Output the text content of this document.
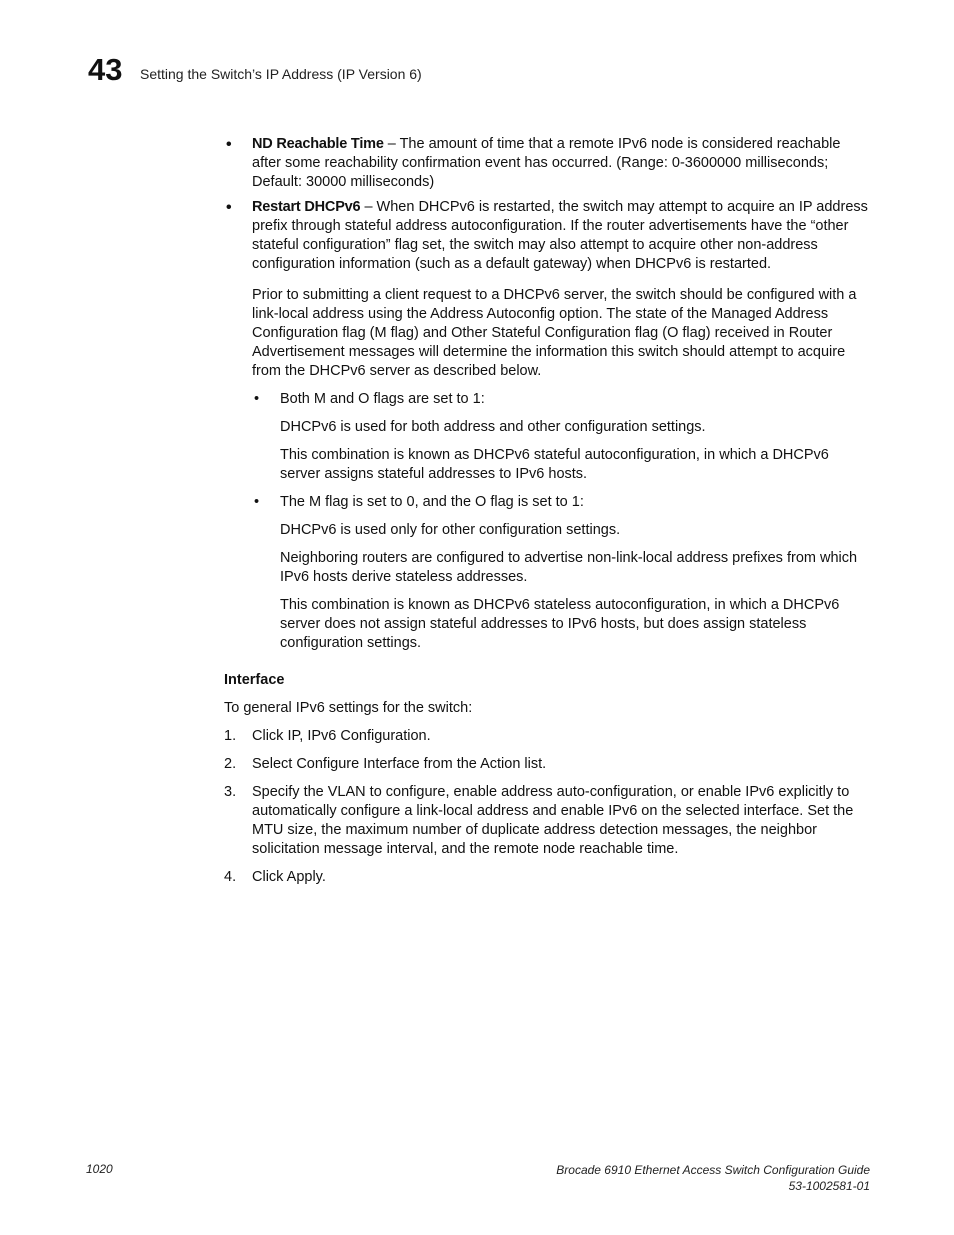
43 Setting the Switch’s IP Address (IP Version 6)
• ND Reachable Time – The amount of time that a remote IPv6 node is considered reachable after some reachability confirmation event has occurred. (Range: 0-3600000 milliseconds; Default: 30000 milliseconds)
• Restart DHCPv6 – When DHCPv6 is restarted, the switch may attempt to acquire an IP address prefix through stateful address autoconfiguration. If the router advertisements have the “other stateful configuration” flag set, the switch may also attempt to acquire other non-address configuration information (such as a default gateway) when DHCPv6 is restarted.

Prior to submitting a client request to a DHCPv6 server, the switch should be configured with a link-local address using the Address Autoconfig option. The state of the Managed Address Configuration flag (M flag) and Other Stateful Configuration flag (O flag) received in Router Advertisement messages will determine the information this switch should attempt to acquire from the DHCPv6 server as described below.

• Both M and O flags are set to 1:

DHCPv6 is used for both address and other configuration settings.

This combination is known as DHCPv6 stateful autoconfiguration, in which a DHCPv6 server assigns stateful addresses to IPv6 hosts.

• The M flag is set to 0, and the O flag is set to 1:

DHCPv6 is used only for other configuration settings.

Neighboring routers are configured to advertise non-link-local address prefixes from which IPv6 hosts derive stateless addresses.

This combination is known as DHCPv6 stateless autoconfiguration, in which a DHCPv6 server does not assign stateful addresses to IPv6 hosts, but does assign stateless configuration settings.

Interface

To general IPv6 settings for the switch:

1. Click IP, IPv6 Configuration.
2. Select Configure Interface from the Action list.
3. Specify the VLAN to configure, enable address auto-configuration, or enable IPv6 explicitly to automatically configure a link-local address and enable IPv6 on the selected interface. Set the MTU size, the maximum number of duplicate address detection messages, the neighbor solicitation message interval, and the remote node reachable time.
4. Click Apply.
1020	Brocade 6910 Ethernet Access Switch Configuration Guide
53-1002581-01
